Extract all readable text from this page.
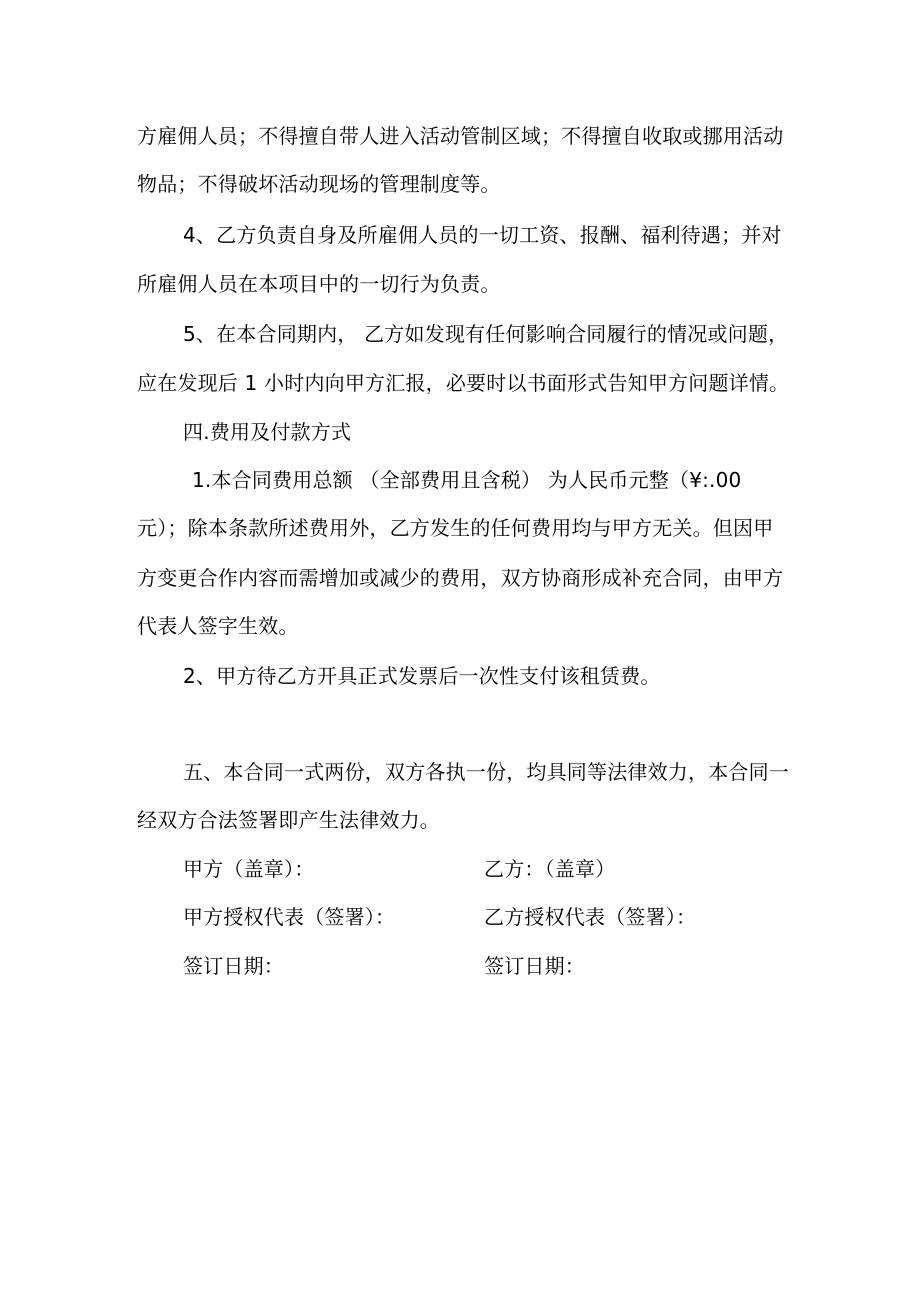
方雇佣人员；不得擅自带人进入活动管制区域；不得擅自收取或挪用活动
物品；不得破坏活动现场的管理制度等。
4、乙方负责自身及所雇佣人员的一切工资、报酬、福利待遇；并对
所雇佣人员在本项目中的一切行为负责。
5、在本合同期内， 乙方如发现有任何影响合同履行的情况或问题，
应在发现后 1 小时内向甲方汇报，必要时以书面形式告知甲方问题详情。
四.费用及付款方式
1.本合同费用总额 （全部费用且含税） 为人民币元整（¥:.00
元）；除本条款所述费用外，乙方发生的任何费用均与甲方无关。但因甲
方变更合作内容而需增加或减少的费用，双方协商形成补充合同，由甲方
代表人签字生效。
2、甲方待乙方开具正式发票后一次性支付该租赁费。
五、本合同一式两份，双方各执一份，均具同等法律效力，本合同一
经双方合法签署即产生法律效力。
甲方（盖章）：	乙方：（盖章）
甲方授权代表（签署）：	乙方授权代表（签署）：
签订日期：	签订日期：
